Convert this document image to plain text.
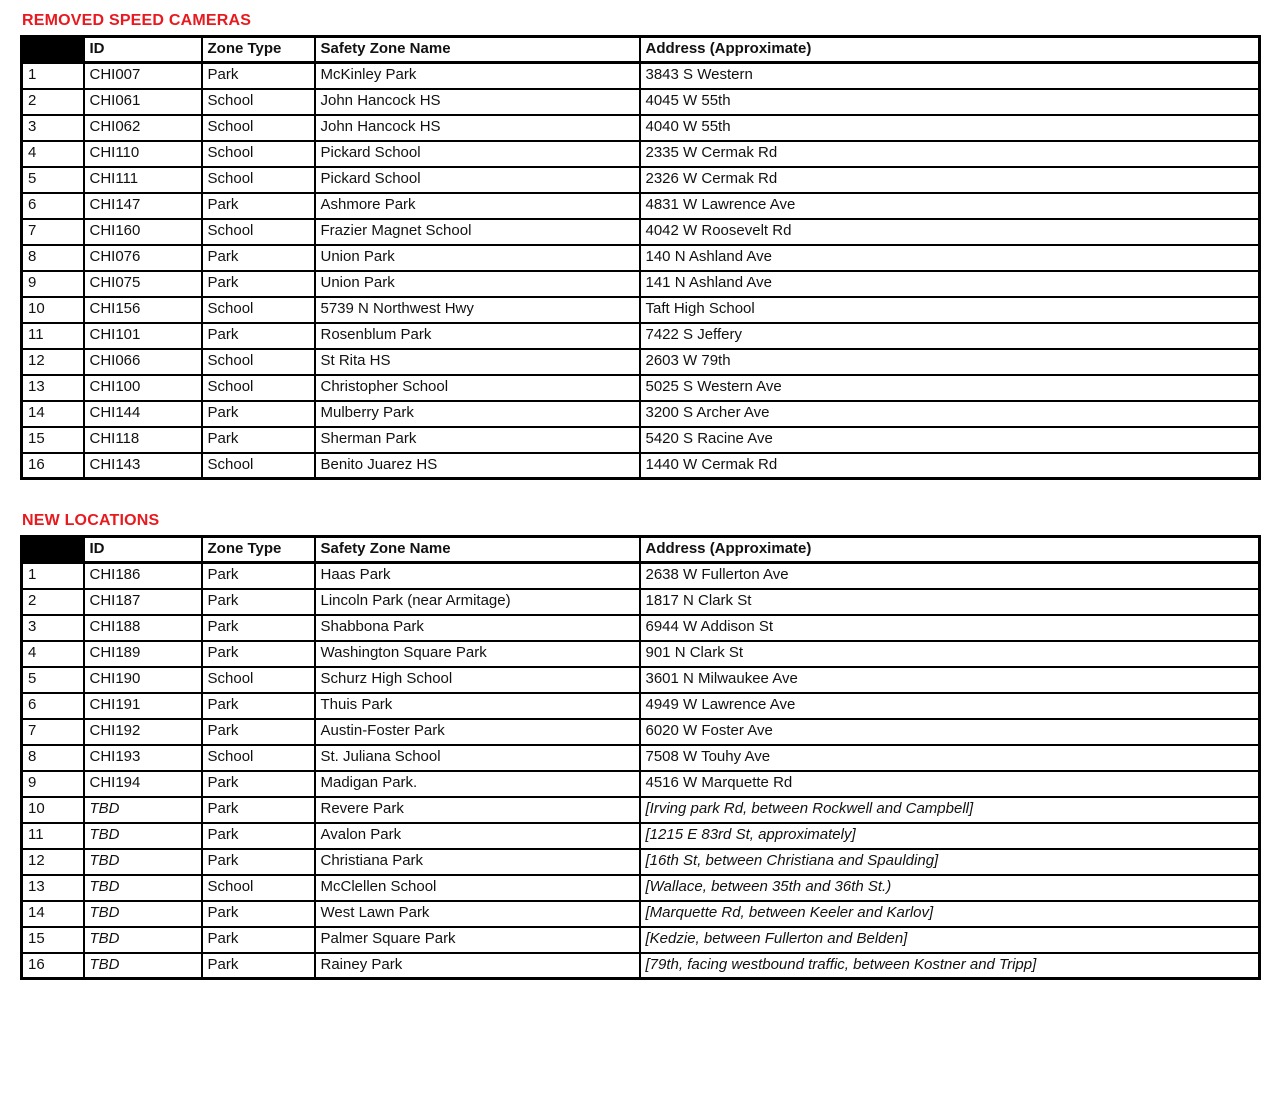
REMOVED SPEED CAMERAS
	ID	Zone Type	Safety Zone Name	Address (Approximate)
1	CHI007	Park	McKinley Park	3843 S Western
2	CHI061	School	John Hancock HS	4045 W 55th
3	CHI062	School	John Hancock HS	4040 W 55th
4	CHI110	School	Pickard School	2335 W Cermak Rd
5	CHI111	School	Pickard School	2326 W Cermak Rd
6	CHI147	Park	Ashmore Park	4831 W Lawrence Ave
7	CHI160	School	Frazier Magnet School	4042 W Roosevelt Rd
8	CHI076	Park	Union Park	140 N Ashland Ave
9	CHI075	Park	Union Park	141 N Ashland Ave
10	CHI156	School	5739 N Northwest Hwy	Taft High School
11	CHI101	Park	Rosenblum Park	7422 S Jeffery
12	CHI066	School	St Rita HS	2603 W 79th
13	CHI100	School	Christopher School	5025 S Western Ave
14	CHI144	Park	Mulberry Park	3200 S Archer Ave
15	CHI118	Park	Sherman Park	5420 S Racine Ave
16	CHI143	School	Benito Juarez HS	1440 W Cermak Rd
NEW LOCATIONS
	ID	Zone Type	Safety Zone Name	Address (Approximate)
1	CHI186	Park	Haas Park	2638 W Fullerton Ave
2	CHI187	Park	Lincoln Park (near Armitage)	1817 N Clark St
3	CHI188	Park	Shabbona Park	6944 W Addison St
4	CHI189	Park	Washington Square Park	901 N Clark St
5	CHI190	School	Schurz High School	3601 N Milwaukee Ave
6	CHI191	Park	Thuis Park	4949 W Lawrence Ave
7	CHI192	Park	Austin-Foster Park	6020 W Foster Ave
8	CHI193	School	St. Juliana School	7508 W Touhy Ave
9	CHI194	Park	Madigan Park.	4516 W Marquette Rd
10	TBD	Park	Revere Park	[Irving park Rd, between Rockwell and Campbell]
11	TBD	Park	Avalon Park	[1215 E 83rd St, approximately]
12	TBD	Park	Christiana Park	[16th St, between Christiana and Spaulding]
13	TBD	School	McClellen School	[Wallace, between 35th and 36th St.)
14	TBD	Park	West Lawn Park	[Marquette Rd, between Keeler and Karlov]
15	TBD	Park	Palmer Square Park	[Kedzie, between Fullerton and Belden]
16	TBD	Park	Rainey Park	[79th, facing westbound traffic, between Kostner and Tripp]
